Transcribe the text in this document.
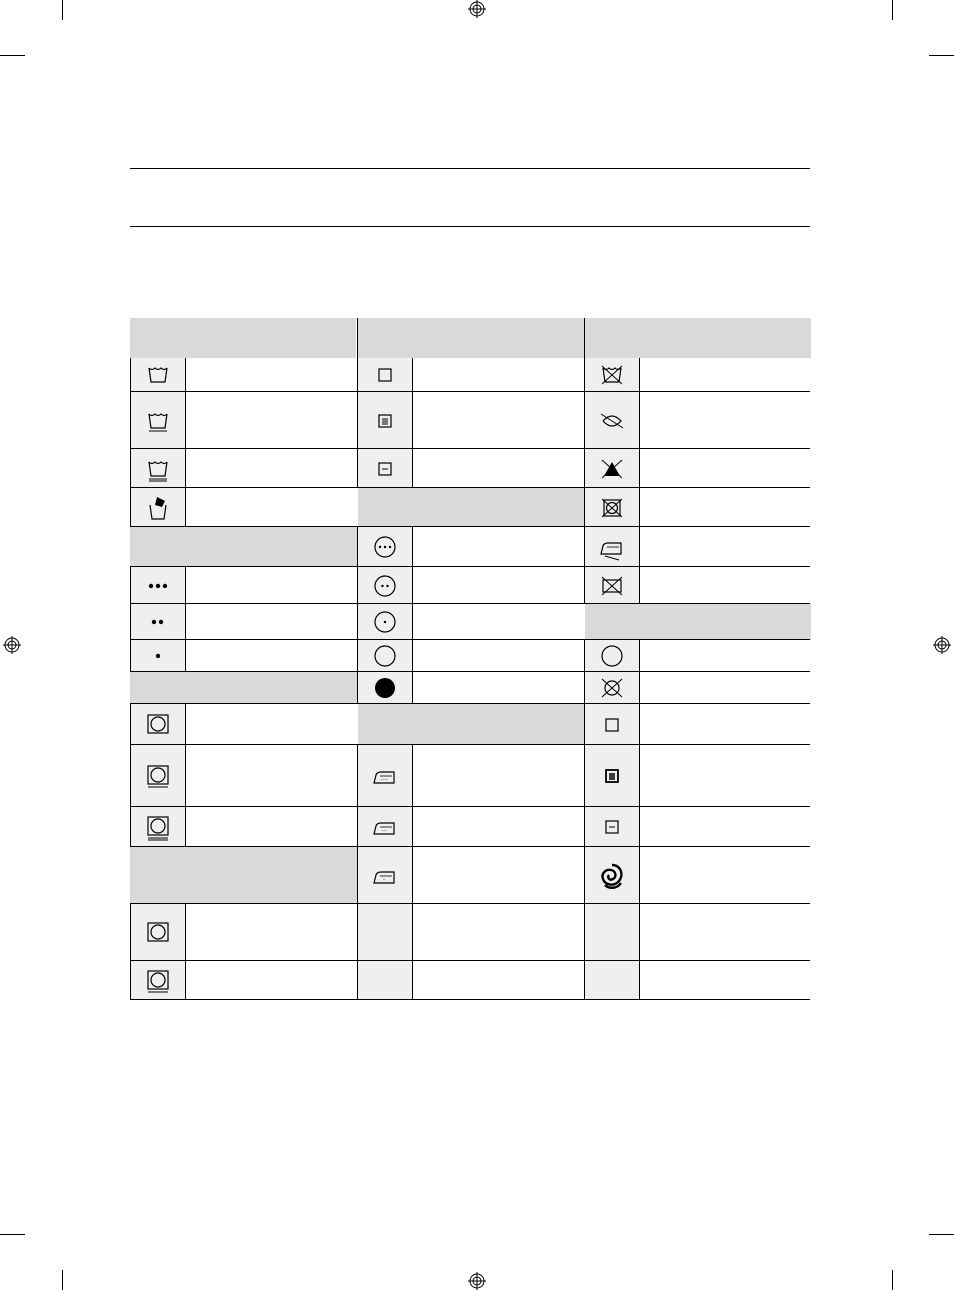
···
··
·
